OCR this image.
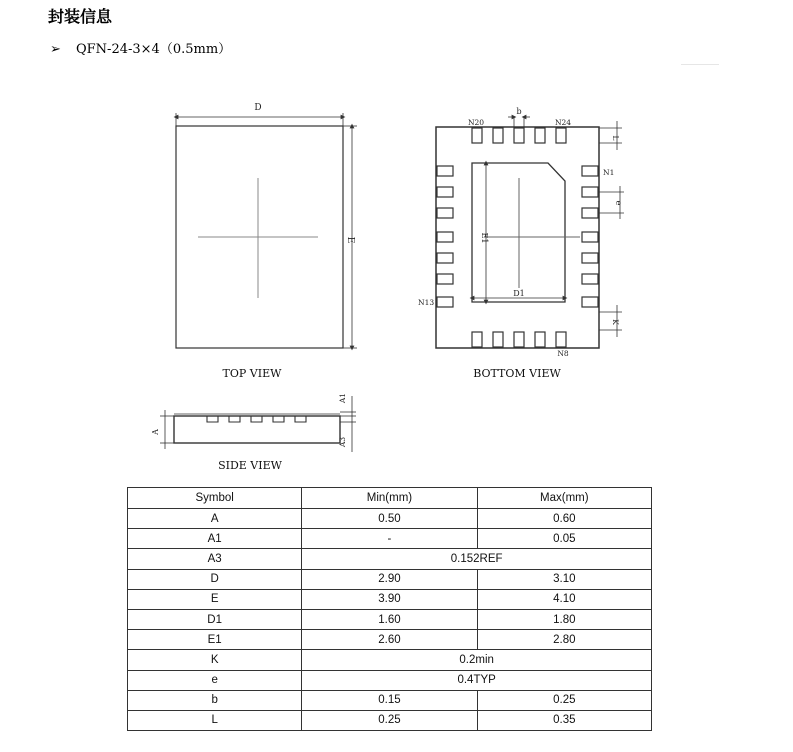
封装信息
➢ QFN-24-3×4（0.5mm）
D
E
TOP VIEW
b
N20	N24
N1
N13
N8
L
e
K
D1
E1
BOTTOM VIEW
A
A1
A3
SIDE VIEW
Symbol	Min(mm)	Max(mm)
A	0.50	0.60
A1	-	0.05
A3	0.152REF	
D	2.90	3.10
E	3.90	4.10
D1	1.60	1.80
E1	2.60	2.80
K	0.2min	
e	0.4TYP	
b	0.15	0.25
L	0.25	0.35
